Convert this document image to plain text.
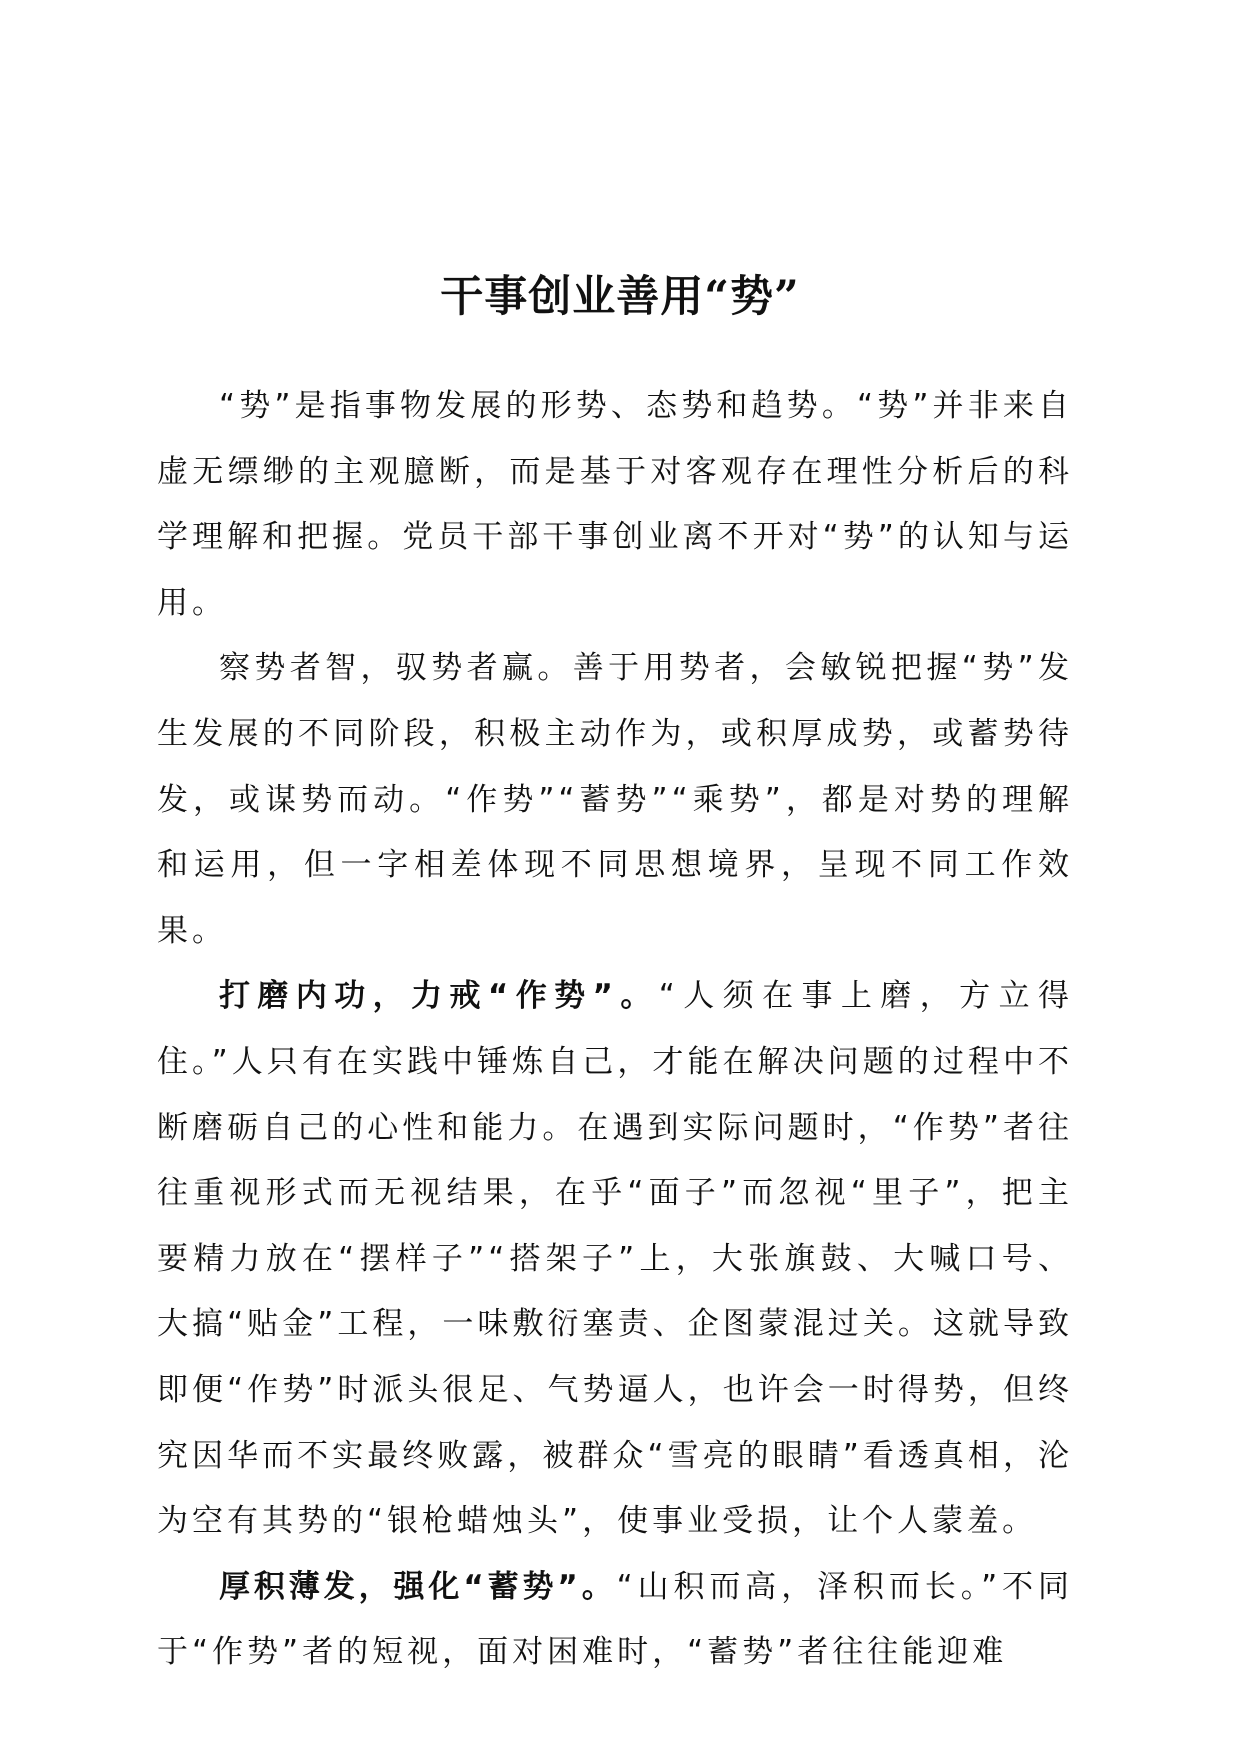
干事创业善用“势”

“势”是指事物发展的形势、态势和趋势。“势”并非来自虚无缥缈的主观臆断，而是基于对客观存在理性分析后的科学理解和把握。党员干部干事创业离不开对“势”的认知与运用。

察势者智，驭势者赢。善于用势者，会敏锐把握“势”发生发展的不同阶段，积极主动作为，或积厚成势，或蓄势待发，或谋势而动。“作势”“蓄势”“乘势”，都是对势的理解和运用，但一字相差体现不同思想境界，呈现不同工作效果。

打磨内功，力戒“作势”。“人须在事上磨，方立得住。”人只有在实践中锤炼自己，才能在解决问题的过程中不断磨砺自己的心性和能力。在遇到实际问题时，“作势”者往往重视形式而无视结果，在乎“面子”而忽视“里子”，把主要精力放在“摆样子”“搭架子”上，大张旗鼓、大喊口号、大搞“贴金”工程，一味敷衍塞责、企图蒙混过关。这就导致即便“作势”时派头很足、气势逼人，也许会一时得势，但终究因华而不实最终败露，被群众“雪亮的眼睛”看透真相，沦为空有其势的“银枪蜡烛头”，使事业受损，让个人蒙羞。

厚积薄发，强化“蓄势”。“山积而高，泽积而长。”不同于“作势”者的短视，面对困难时，“蓄势”者往往能迎难
